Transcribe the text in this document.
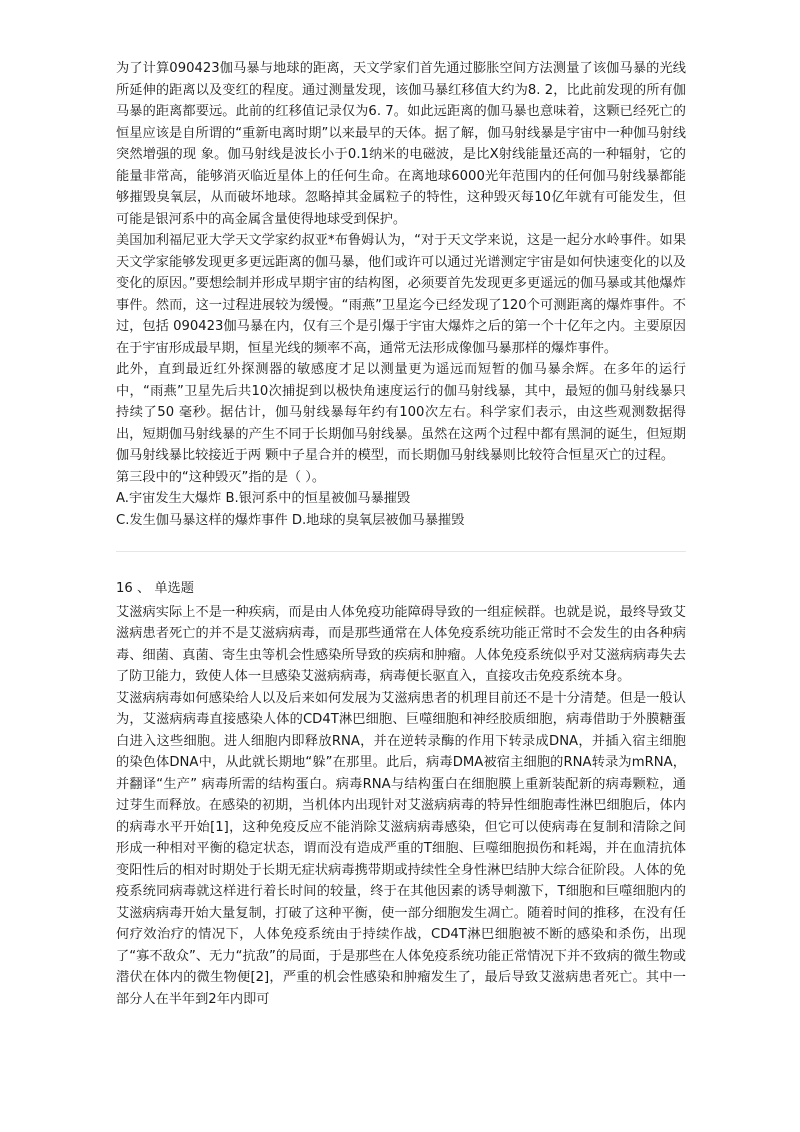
为了计算090423伽马暴与地球的距离，天文学家们首先通过膨胀空间方法测量了该伽马暴的光线所延伸的距离以及变红的程度。通过测量发现，该伽马暴红移值大约为8. 2，比此前发现的所有伽马暴的距离都要远。此前的红移值记录仅为6. 7。如此远距离的伽马暴也意味着，这颗已经死亡的恒星应该是自所谓的“重新电离时期”以来最早的天体。据了解，伽马射线暴是宇宙中一种伽马射线突然增强的现 象。伽马射线是波长小于0.1纳米的电磁波，是比X射线能量还高的一种辐射，它的能量非常高，能够消灭临近星体上的任何生命。在离地球6000光年范围内的任何伽马射线暴都能够摧毁臭氧层，从而破坏地球。忽略掉其金属粒子的特性，这种毁灭每10亿年就有可能发生，但可能是银河系中的高金属含量使得地球受到保护。

美国加利福尼亚大学天文学家约叔亚*布鲁姆认为，“对于天文学来说，这是一起分水岭事件。如果天文学家能够发现更多更远距离的伽马暴，他们或许可以通过光谱测定宇宙是如何快速变化的以及变化的原因。”要想绘制并形成早期宇宙的结构图，必须要首先发现更多更遥远的伽马暴或其他爆炸事件。然而，这一过程进展较为缓慢。“雨燕”卫星迄今已经发现了120个可测距离的爆炸事件。不过，包括 090423伽马暴在内，仅有三个是引爆于宇宙大爆炸之后的第一个十亿年之内。主要原因在于宇宙形成最早期，恒星光线的频率不高，通常无法形成像伽马暴那样的爆炸事件。

此外，直到最近红外探测器的敏感度才足以测量更为遥远而短暂的伽马暴余辉。在多年的运行中，“雨燕”卫星先后共10次捕捉到以极快角速度运行的伽马射线暴，其中，最短的伽马射线暴只持续了50 毫秒。据估计，伽马射线暴每年约有100次左右。科学家们表示，由这些观测数据得出，短期伽马射线暴的产生不同于长期伽马射线暴。虽然在这两个过程中都有黑洞的诞生，但短期伽马射线暴比较接近于两 颗中子星合并的模型，而长期伽马射线暴则比较符合恒星灭亡的过程。

第三段中的“这种毁灭”指的是（ ）。

A.宇宙发生大爆炸 B.银河系中的恒星被伽马暴摧毁

C.发生伽马暴这样的爆炸事件 D.地球的臭氧层被伽马暴摧毁

16 、 单选题

艾滋病实际上不是一种疾病，而是由人体免疫功能障碍导致的一组症候群。也就是说，最终导致艾滋病患者死亡的并不是艾滋病病毒，而是那些通常在人体免疫系统功能正常时不会发生的由各种病毒、细菌、真菌、寄生虫等机会性感染所导致的疾病和肿瘤。人体免疫系统似乎对艾滋病病毒失去了防卫能力，致使人体一旦感染艾滋病病毒，病毒便长驱直入，直接攻击免疫系统本身。

艾滋病病毒如何感染给人以及后来如何发展为艾滋病患者的机理目前还不是十分清楚。但是一般认为，艾滋病病毒直接感染人体的CD4T淋巴细胞、巨噬细胞和神经胶质细胞，病毒借助于外膜糖蛋白进入这些细胞。进人细胞内即释放RNA，并在逆转录酶的作用下转录成DNA，并插入宿主细胞的染色体DNA中，从此就长期地“躲”在那里。此后，病毒DMA被宿主细胞的RNA转录为mRNA，并翻译“生产” 病毒所需的结构蛋白。病毒RNA与结构蛋白在细胞膜上重新装配新的病毒颗粒，通过芽生而释放。在感染的初期，当机体内出现针对艾滋病病毒的特异性细胞毒性淋巴细胞后，体内的病毒水平开始[1]，这种免疫反应不能消除艾滋病病毒感染，但它可以使病毒在复制和清除之间形成一种相对平衡的稳定状态，谓而没有造成严重的T细胞、巨噬细胞损伤和耗竭，并在血清抗体变阳性后的相对时期处于长期无症状病毒携带期或持续性全身性淋巴结肿大综合征阶段。人体的免疫系统同病毒就这样进行着长时间的较量，终于在其他因素的诱导刺激下，T细胞和巨噬细胞内的艾滋病病毒开始大量复制，打破了这种平衡，使一部分细胞发生凋亡。随着时间的推移，在没有任何疗效治疗的情况下，人体免疫系统由于持续作战，CD4T淋巴细胞被不断的感染和杀伤，出现了“寡不敌众”、无力“抗敌”的局面，于是那些在人体免疫系统功能正常情况下并不致病的微生物或潜伏在体内的微生物便[2]，严重的机会性感染和肿瘤发生了，最后导致艾滋病患者死亡。其中一部分人在半年到2年内即可
